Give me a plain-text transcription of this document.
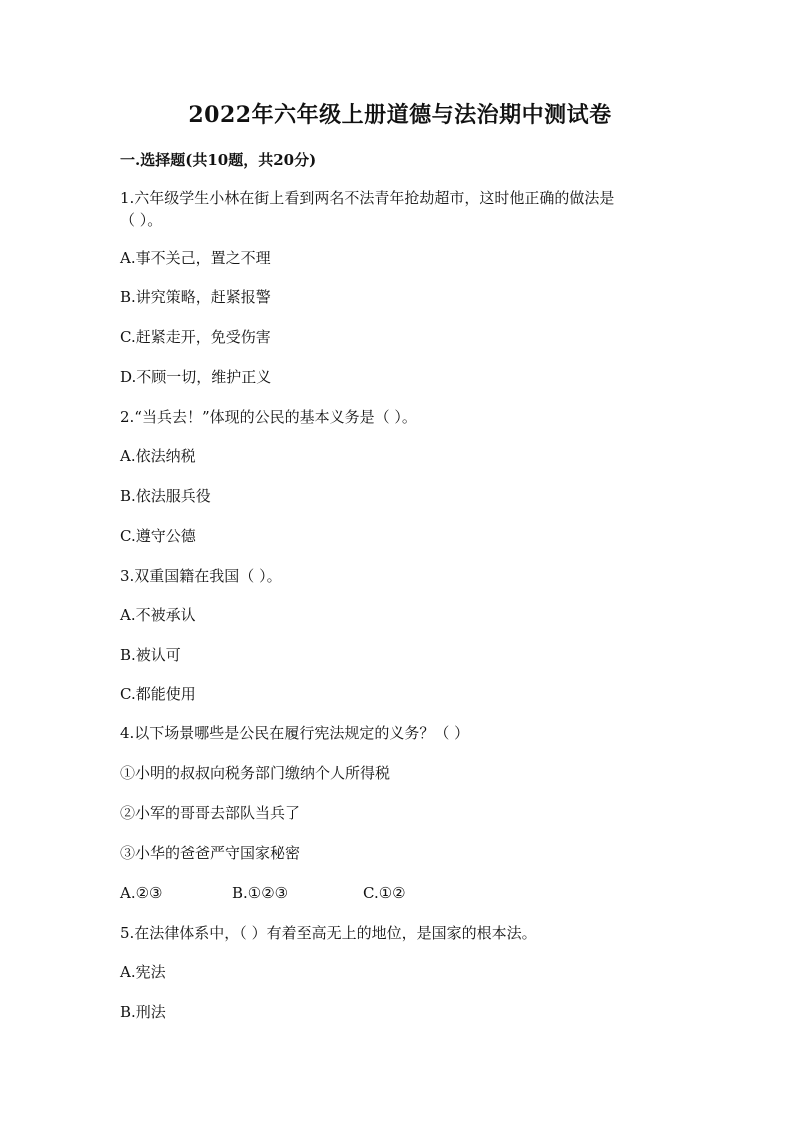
2022年六年级上册道德与法治期中测试卷
一.选择题(共10题，共20分)
1.六年级学生小林在街上看到两名不法青年抢劫超市，这时他正确的做法是
（ ）。
A.事不关己，置之不理
B.讲究策略，赶紧报警
C.赶紧走开，免受伤害
D.不顾一切，维护正义
2.“当兵去！”体现的公民的基本义务是（ ）。
A.依法纳税
B.依法服兵役
C.遵守公德
3.双重国籍在我国（ ）。
A.不被承认
B.被认可
C.都能使用
4.以下场景哪些是公民在履行宪法规定的义务？（ ）
①小明的叔叔向税务部门缴纳个人所得税
②小军的哥哥去部队当兵了
③小华的爸爸严守国家秘密
A.②③	B.①②③	C.①②
5.在法律体系中，（ ）有着至高无上的地位，是国家的根本法。
A.宪法
B.刑法
